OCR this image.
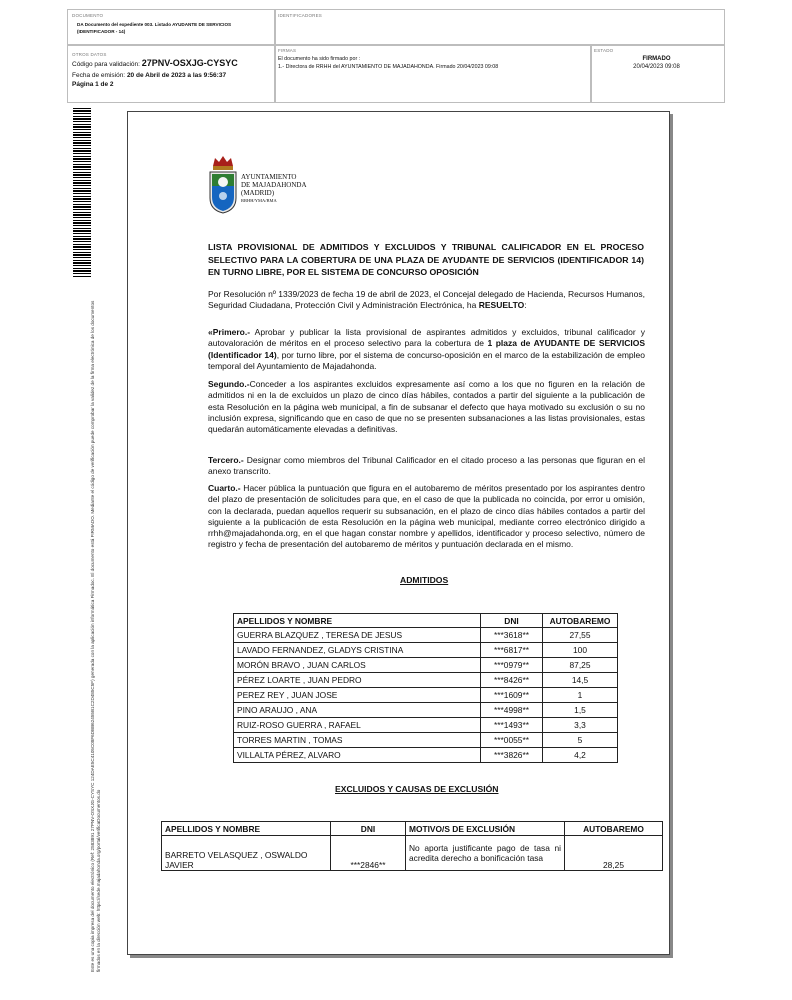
DOCUMENTO
DA Documento del expediente 003. Listado AYUDANTE DE SERVICIOS (IDENTIFICADOR - 14)
IDENTIFICADORES
OTROS DATOS
Código para validación: 27PNV-OSXJG-CYSYC
Fecha de emisión: 20 de Abril de 2023 a las 9:56:37
Página 1 de 2
FIRMAS
El documento ha sido firmado por :
1.- Directora de RRHH del AYUNTAMIENTO DE MAJADAHONDA. Firmado 20/04/2023 09:08
ESTADO
FIRMADO
20/04/2023 09:08
Este es una copia impresa del documento electrónico (Ref: 2583891 27PNV-OSXJG-CYSYC 124DAE5C4105C08F6DBB62455B1C2D485C5F) generada con la aplicación informática Firmadoc. El documento está FIRMADO. Mediante el código de verificación puede comprobar la validez de la firma electrónica de los documentos firmados en la dirección web: https://sede.majadahonda.org/portal/verificaDocumentos.do
AYUNTAMIENTO
DE MAJADAHONDA
(MADRID)
RRHH/YMA/BMA
LISTA PROVISIONAL DE ADMITIDOS Y EXCLUIDOS Y TRIBUNAL CALIFICADOR EN EL PROCESO SELECTIVO PARA LA COBERTURA DE UNA PLAZA DE AYUDANTE DE SERVICIOS (IDENTIFICADOR 14) EN TURNO LIBRE, POR EL SISTEMA DE CONCURSO OPOSICIÓN
Por Resolución nº 1339/2023 de fecha 19 de abril de 2023, el Concejal delegado de Hacienda, Recursos Humanos, Seguridad Ciudadana, Protección Civil y Administración Electrónica, ha RESUELTO:
«Primero.- Aprobar y publicar la lista provisional de aspirantes admitidos y excluidos, tribunal calificador y autovaloración de méritos en el proceso selectivo para la cobertura de 1 plaza de AYUDANTE DE SERVICIOS (Identificador 14), por turno libre, por el sistema de concurso-oposición en el marco de la estabilización de empleo temporal del Ayuntamiento de Majadahonda.
Segundo.-Conceder a los aspirantes excluidos expresamente así como a los que no figuren en la relación de admitidos ni en la de excluidos un plazo de cinco días hábiles, contados a partir del siguiente a la publicación de esta Resolución en la página web municipal, a fin de subsanar el defecto que haya motivado su exclusión o su no inclusión expresa, significando que en caso de que no se presenten subsanaciones a las listas provisionales, estas quedarán automáticamente elevadas a definitivas.
Tercero.- Designar como miembros del Tribunal Calificador en el citado proceso a las personas que figuran en el anexo transcrito.
Cuarto.- Hacer pública la puntuación que figura en el autobaremo de méritos presentado por los aspirantes dentro del plazo de presentación de solicitudes para que, en el caso de que la publicada no coincida, por error u omisión, con la declarada, puedan aquellos requerir su subsanación, en el plazo de cinco días hábiles contados a partir del siguiente a la publicación de esta Resolución en la página web municipal, mediante correo electrónico dirigido a rrhh@majadahonda.org, en el que hagan constar nombre y apellidos, identificador y proceso selectivo, número de registro y fecha de presentación del autobaremo de méritos y puntuación declarada en el mismo.
ADMITIDOS
APELLIDOS Y NOMBRE	DNI	AUTOBAREMO
GUERRA BLAZQUEZ , TERESA DE JESUS	***3618**	27,55
LAVADO FERNANDEZ, GLADYS CRISTINA	***6817**	100
MORÓN BRAVO , JUAN CARLOS	***0979**	87,25
PÉREZ LOARTE , JUAN PEDRO	***8426**	14,5
PEREZ REY , JUAN JOSE	***1609**	1
PINO ARAUJO , ANA	***4998**	1,5
RUIZ-ROSO GUERRA , RAFAEL	***1493**	3,3
TORRES MARTIN , TOMAS	***0055**	5
VILLALTA PÉREZ, ALVARO	***3826**	4,2
EXCLUIDOS Y CAUSAS DE EXCLUSIÓN
APELLIDOS Y NOMBRE	DNI	MOTIVO/S DE EXCLUSIÓN	AUTOBAREMO
BARRETO VELASQUEZ , OSWALDO JAVIER	***2846**	No aporta justificante pago de tasa ni acredita derecho a bonificación tasa	28,25
